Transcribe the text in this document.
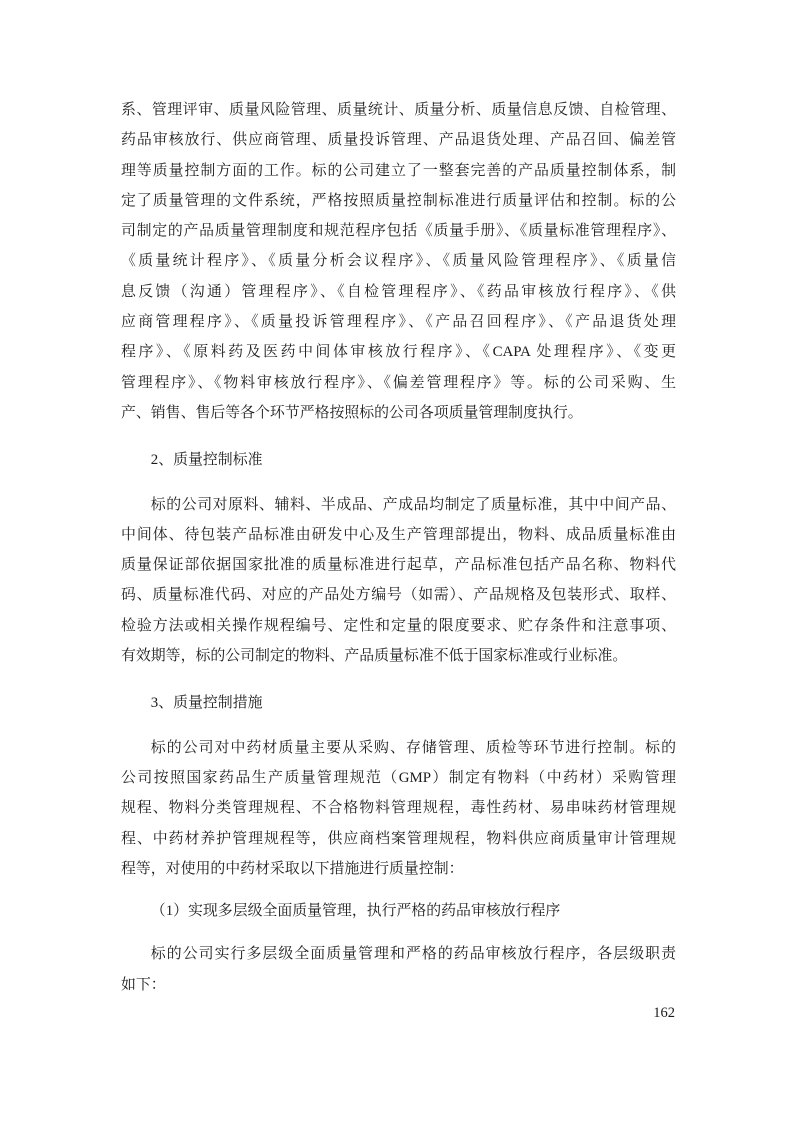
系、管理评审、质量风险管理、质量统计、质量分析、质量信息反馈、自检管理、
药品审核放行、供应商管理、质量投诉管理、产品退货处理、产品召回、偏差管
理等质量控制方面的工作。标的公司建立了一整套完善的产品质量控制体系，制
定了质量管理的文件系统，严格按照质量控制标准进行质量评估和控制。标的公
司制定的产品质量管理制度和规范程序包括《质量手册》、《质量标准管理程序》、
《质量统计程序》、《质量分析会议程序》、《质量风险管理程序》、《质量信
息反馈（沟通）管理程序》、《自检管理程序》、《药品审核放行程序》、《供
应商管理程序》、《质量投诉管理程序》、《产品召回程序》、《产品退货处理
程序》、《原料药及医药中间体审核放行程序》、《CAPA 处理程序》、《变更
管理程序》、《物料审核放行程序》、《偏差管理程序》等。标的公司采购、生
产、销售、售后等各个环节严格按照标的公司各项质量管理制度执行。
2、质量控制标准
标的公司对原料、辅料、半成品、产成品均制定了质量标准，其中中间产品、
中间体、待包装产品标准由研发中心及生产管理部提出，物料、成品质量标准由
质量保证部依据国家批准的质量标准进行起草，产品标准包括产品名称、物料代
码、质量标准代码、对应的产品处方编号（如需）、产品规格及包装形式、取样、
检验方法或相关操作规程编号、定性和定量的限度要求、贮存条件和注意事项、
有效期等，标的公司制定的物料、产品质量标准不低于国家标准或行业标准。
3、质量控制措施
标的公司对中药材质量主要从采购、存储管理、质检等环节进行控制。标的
公司按照国家药品生产质量管理规范（GMP）制定有物料（中药材）采购管理
规程、物料分类管理规程、不合格物料管理规程，毒性药材、易串味药材管理规
程、中药材养护管理规程等，供应商档案管理规程，物料供应商质量审计管理规
程等，对使用的中药材采取以下措施进行质量控制：
（1）实现多层级全面质量管理，执行严格的药品审核放行程序
标的公司实行多层级全面质量管理和严格的药品审核放行程序，各层级职责
如下：
162
